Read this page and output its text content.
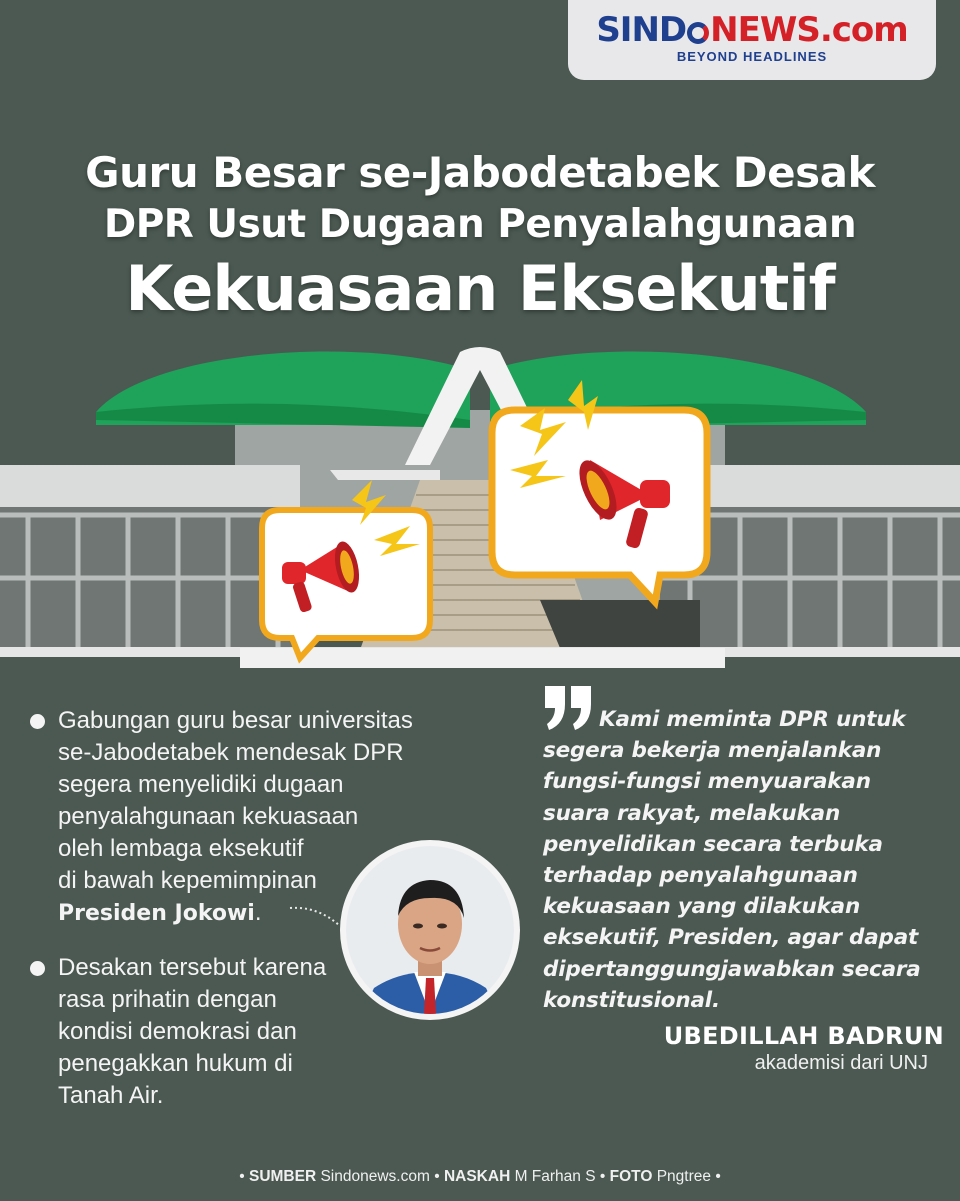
SIND NEWS.com
BEYOND HEADLINES
Guru Besar se-Jabodetabek Desak
DPR Usut Dugaan Penyalahgunaan
Kekuasaan Eksekutif
Gabungan guru besar universitas
se-Jabodetabek mendesak DPR
segera menyelidiki dugaan
penyalahgunaan kekuasaan
oleh lembaga eksekutif
di bawah kepemimpinan
Presiden Jokowi.
Desakan tersebut karena rasa prihatin dengan kondisi demokrasi dan penegakkan hukum di Tanah Air.
Kami meminta DPR untuk segera bekerja menjalankan fungsi-fungsi menyuarakan suara rakyat, melakukan penyelidikan secara terbuka terhadap penyalahgunaan kekuasaan yang dilakukan eksekutif, Presiden, agar dapat dipertanggungjawabkan secara konstitusional.
UBEDILLAH BADRUN
akademisi dari UNJ
• SUMBER Sindonews.com • NASKAH M Farhan S • FOTO Pngtree •
